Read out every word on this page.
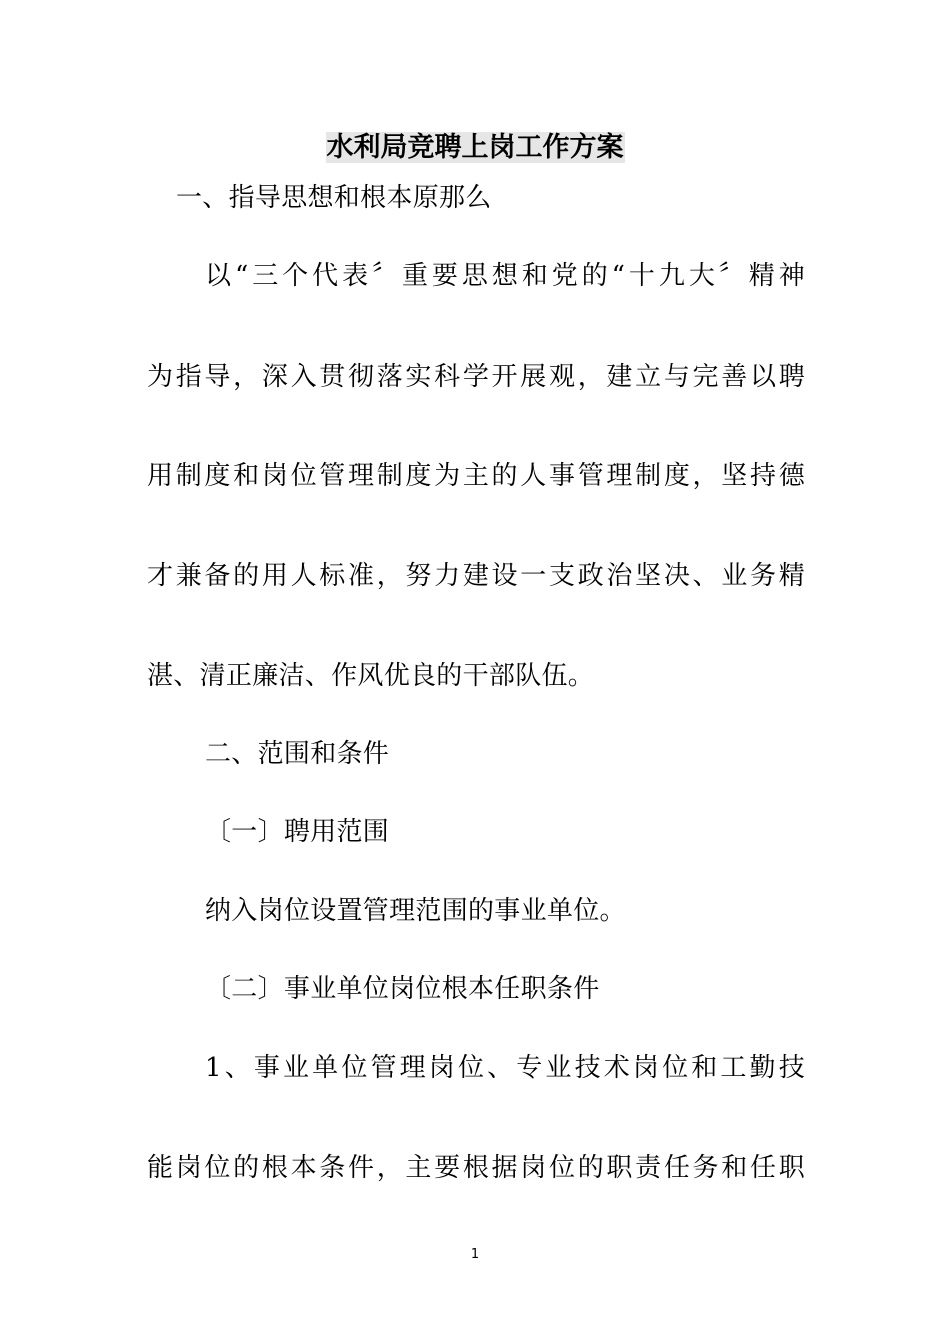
水利局竞聘上岗工作方案
一、指导思想和根本原那么
以“三个代表〞重要思想和党的“十九大〞精神
为指导，深入贯彻落实科学开展观，建立与完善以聘
用制度和岗位管理制度为主的人事管理制度，坚持德
才兼备的用人标准，努力建设一支政治坚决、业务精
湛、清正廉洁、作风优良的干部队伍。
二、范围和条件
〔一〕聘用范围
纳入岗位设置管理范围的事业单位。
〔二〕事业单位岗位根本任职条件
1、事业单位管理岗位、专业技术岗位和工勤技
能岗位的根本条件，主要根据岗位的职责任务和任职
1
